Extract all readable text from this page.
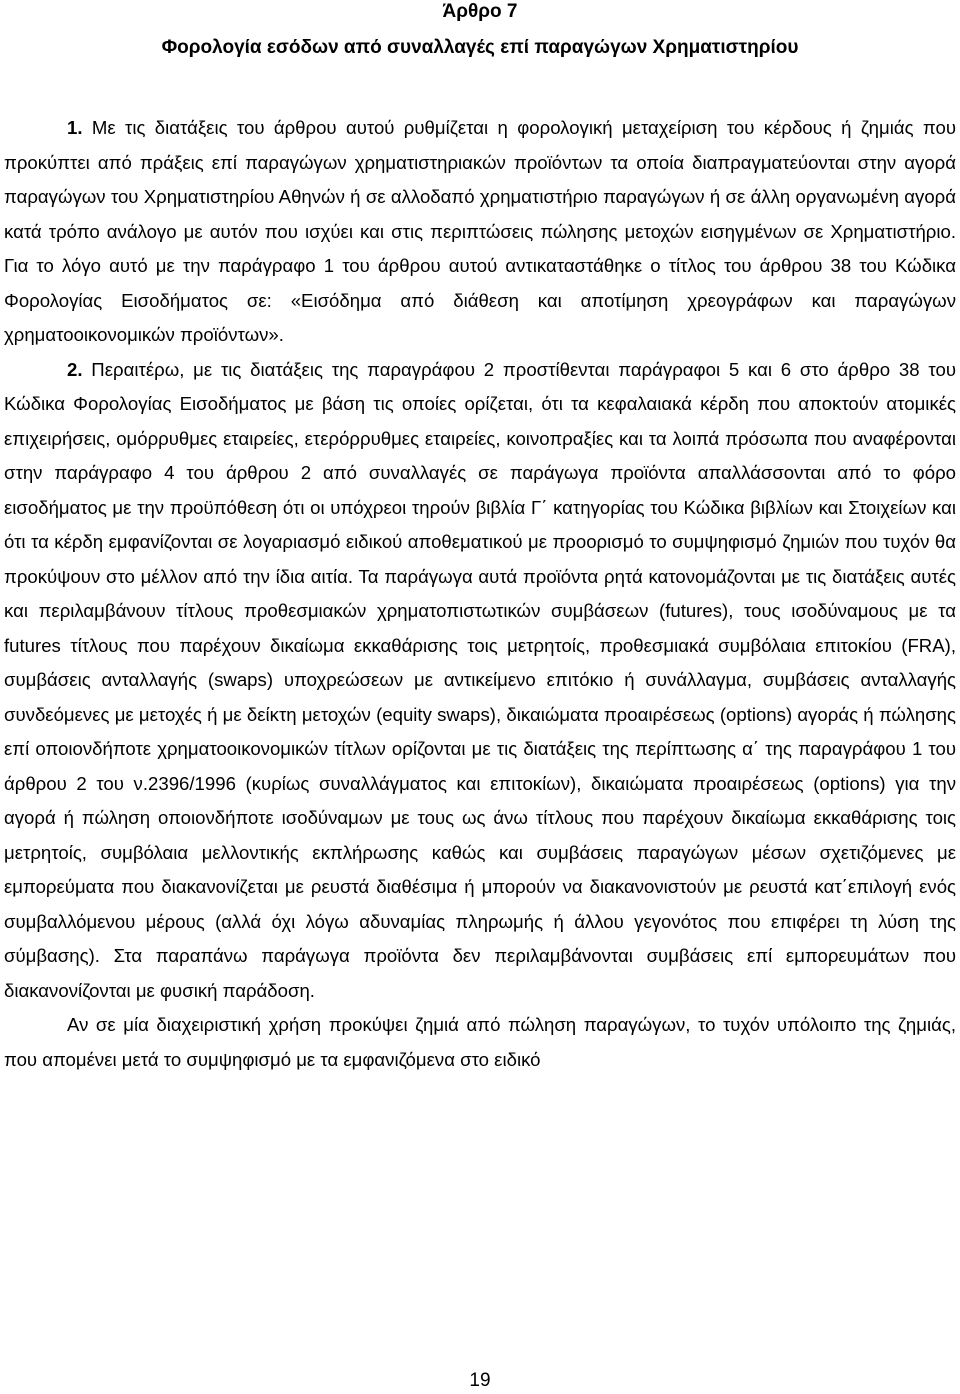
Άρθρο 7
Φορολογία εσόδων από συναλλαγές επί παραγώγων Χρηματιστηρίου

1. Με τις διατάξεις του άρθρου αυτού ρυθμίζεται η φορολογική μεταχείριση του κέρδους ή ζημιάς που προκύπτει από πράξεις επί παραγώγων χρηματιστηριακών προϊόντων τα οποία διαπραγματεύονται στην αγορά παραγώγων του Χρηματιστηρίου Αθηνών ή σε αλλοδαπό χρηματιστήριο παραγώγων ή σε άλλη οργανωμένη αγορά κατά τρόπο ανάλογο με αυτόν που ισχύει και στις περιπτώσεις πώλησης μετοχών εισηγμένων σε Χρηματιστήριο. Για το λόγο αυτό με την παράγραφο 1 του άρθρου αυτού αντικαταστάθηκε ο τίτλος του άρθρου 38 του Κώδικα Φορολογίας Εισοδήματος σε: «Εισόδημα από διάθεση και αποτίμηση χρεογράφων και παραγώγων χρηματοοικονομικών προϊόντων».

2. Περαιτέρω, με τις διατάξεις της παραγράφου 2 προστίθενται παράγραφοι 5 και 6 στο άρθρο 38 του Κώδικα Φορολογίας Εισοδήματος με βάση τις οποίες ορίζεται, ότι τα κεφαλαιακά κέρδη που αποκτούν ατομικές επιχειρήσεις, ομόρρυθμες εταιρείες, ετερόρρυθμες εταιρείες, κοινοπραξίες και τα λοιπά πρόσωπα που αναφέρονται στην παράγραφο 4 του άρθρου 2 από συναλλαγές σε παράγωγα προϊόντα απαλλάσσονται από το φόρο εισοδήματος με την προϋπόθεση ότι οι υπόχρεοι τηρούν βιβλία Γ΄ κατηγορίας του Κώδικα βιβλίων και Στοιχείων και ότι τα κέρδη εμφανίζονται σε λογαριασμό ειδικού αποθεματικού με προορισμό το συμψηφισμό ζημιών που τυχόν θα προκύψουν στο μέλλον από την ίδια αιτία. Τα παράγωγα αυτά προϊόντα ρητά κατονομάζονται με τις διατάξεις αυτές και περιλαμβάνουν τίτλους προθεσμιακών χρηματοπιστωτικών συμβάσεων (futures), τους ισοδύναμους με τα futures τίτλους που παρέχουν δικαίωμα εκκαθάρισης τοις μετρητοίς, προθεσμιακά συμβόλαια επιτοκίου (FRA), συμβάσεις ανταλλαγής (swaps) υποχρεώσεων με αντικείμενο επιτόκιο ή συνάλλαγμα, συμβάσεις ανταλλαγής συνδεόμενες με μετοχές ή με δείκτη μετοχών (equity swaps), δικαιώματα προαιρέσεως (options) αγοράς ή πώλησης επί οποιονδήποτε χρηματοοικονομικών τίτλων ορίζονται με τις διατάξεις της περίπτωσης α΄ της παραγράφου 1 του άρθρου 2 του ν.2396/1996 (κυρίως συναλλάγματος και επιτοκίων), δικαιώματα προαιρέσεως (options) για την αγορά ή πώληση οποιονδήποτε ισοδύναμων με τους ως άνω τίτλους που παρέχουν δικαίωμα εκκαθάρισης τοις μετρητοίς, συμβόλαια μελλοντικής εκπλήρωσης καθώς και συμβάσεις παραγώγων μέσων σχετιζόμενες με εμπορεύματα που διακανονίζεται με ρευστά διαθέσιμα ή μπορούν να διακανονιστούν με ρευστά κατ΄επιλογή ενός συμβαλλόμενου μέρους (αλλά όχι λόγω αδυναμίας πληρωμής ή άλλου γεγονότος που επιφέρει τη λύση της σύμβασης). Στα παραπάνω παράγωγα προϊόντα δεν περιλαμβάνονται συμβάσεις επί εμπορευμάτων που διακανονίζονται με φυσική παράδοση.

Αν σε μία διαχειριστική χρήση προκύψει ζημιά από πώληση παραγώγων, το τυχόν υπόλοιπο της ζημιάς, που απομένει μετά το συμψηφισμό με τα εμφανιζόμενα στο ειδικό

19
